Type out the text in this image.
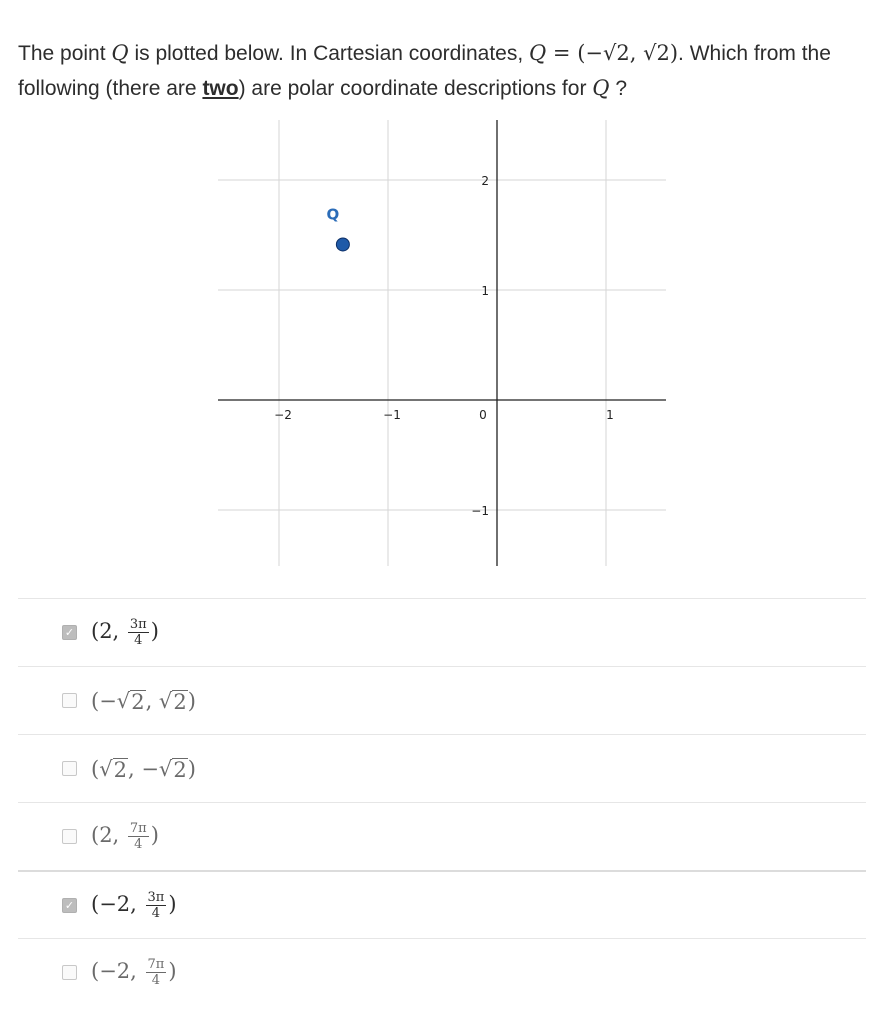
The point Q is plotted below. In Cartesian coordinates, Q = (−√2, √2). Which from the following (there are two) are polar coordinate descriptions for Q ?
−2	−1	0	1
2
1
−1
Q
✓ (2, $\frac{3\pi}{4}$ )
(−√ 2 , √ 2 )
(√ 2 , −√ 2 )
(2, $\frac{7\pi}{4}$ )
✓ (−2, $\frac{3\pi}{4}$ )
(−2, $\frac{7\pi}{4}$ )
